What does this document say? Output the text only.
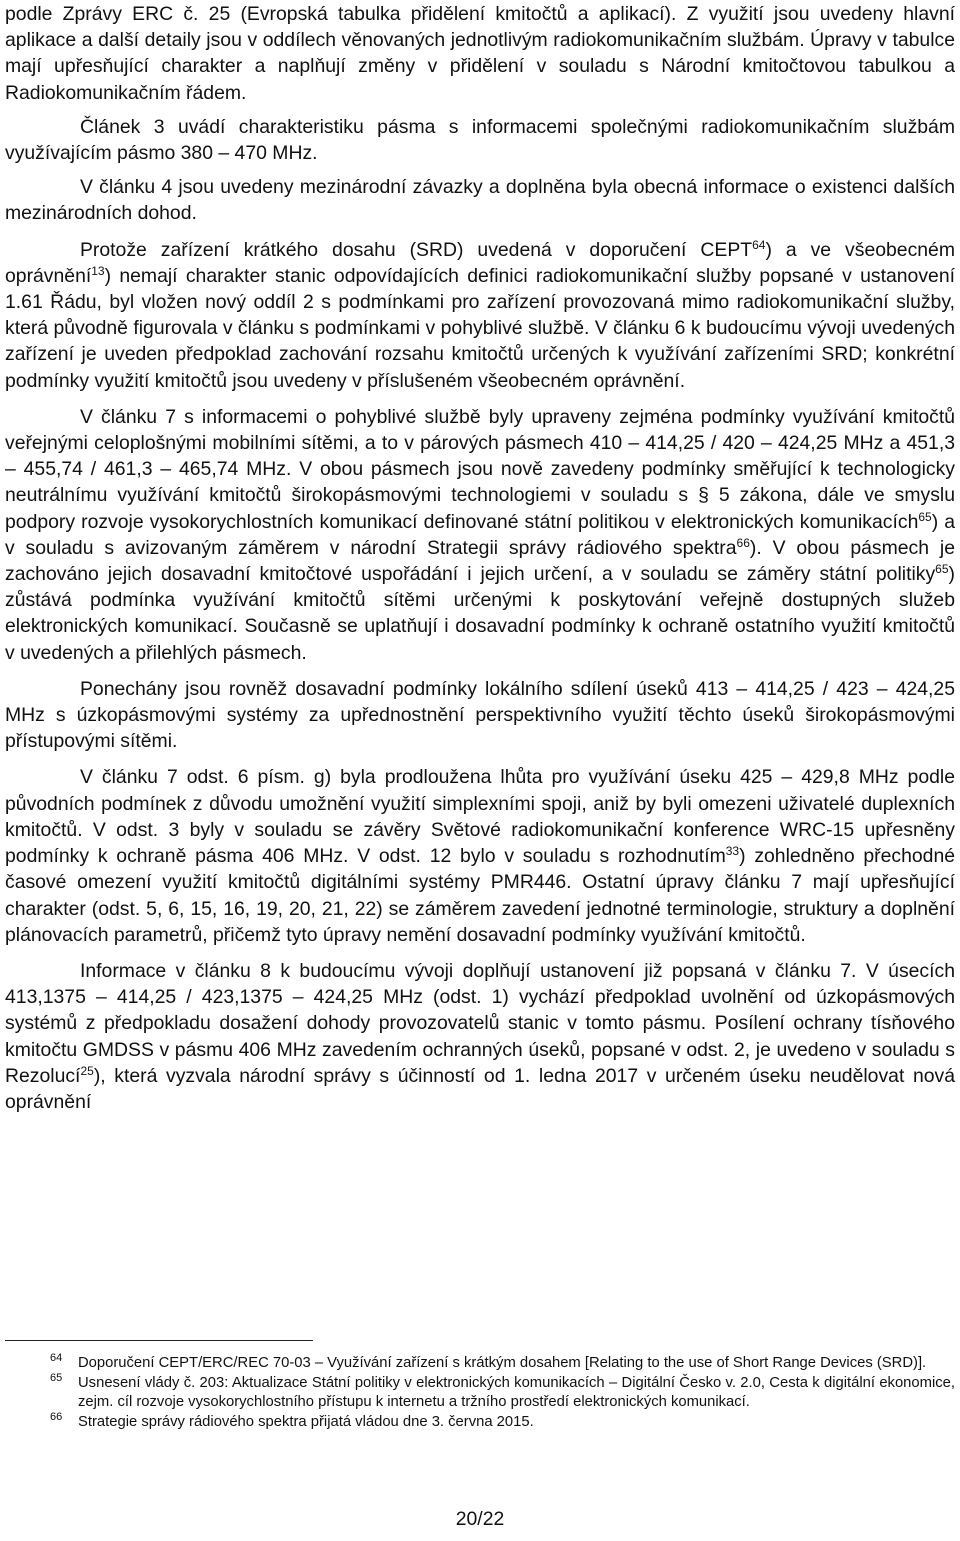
podle Zprávy ERC č. 25 (Evropská tabulka přidělení kmitočtů a aplikací). Z využití jsou uvedeny hlavní aplikace a další detaily jsou v oddílech věnovaných jednotlivým radiokomunikačním službám. Úpravy v tabulce mají upřesňující charakter a naplňují změny v přidělení v souladu s Národní kmitočtovou tabulkou a Radiokomunikačním řádem.

Článek 3 uvádí charakteristiku pásma s informacemi společnými radiokomunikačním službám využívajícím pásmo 380 – 470 MHz.

V článku 4 jsou uvedeny mezinárodní závazky a doplněna byla obecná informace o existenci dalších mezinárodních dohod.

Protože zařízení krátkého dosahu (SRD) uvedená v doporučení CEPT$^{64}$) a ve všeobecném oprávnění$^{13}$) nemají charakter stanic odpovídajících definici radiokomunikační služby popsané v ustanovení 1.61 Řádu, byl vložen nový oddíl 2 s podmínkami pro zařízení provozovaná mimo radiokomunikační služby, která původně figurovala v článku s podmínkami v pohyblivé službě. V článku 6 k budoucímu vývoji uvedených zařízení je uveden předpoklad zachování rozsahu kmitočtů určených k využívání zařízeními SRD; konkrétní podmínky využití kmitočtů jsou uvedeny v příslušeném všeobecném oprávnění.

V článku 7 s informacemi o pohyblivé službě byly upraveny zejména podmínky využívání kmitočtů veřejnými celoplošnými mobilními sítěmi, a to v párových pásmech 410 – 414,25 / 420 – 424,25 MHz a 451,3 – 455,74 / 461,3 – 465,74 MHz. V obou pásmech jsou nově zavedeny podmínky směřující k technologicky neutrálnímu využívání kmitočtů širokopásmovými technologiemi v souladu s § 5 zákona, dále ve smyslu podpory rozvoje vysokorychlostních komunikací definované státní politikou v elektronických komunikacích$^{65}$) a v souladu s avizovaným záměrem v národní Strategii správy rádiového spektra$^{66}$). V obou pásmech je zachováno jejich dosavadní kmitočtové uspořádání i jejich určení, a v souladu se záměry státní politiky$^{65}$) zůstává podmínka využívání kmitočtů sítěmi určenými k poskytování veřejně dostupných služeb elektronických komunikací. Současně se uplatňují i dosavadní podmínky k ochraně ostatního využití kmitočtů v uvedených a přilehlých pásmech.

Ponechány jsou rovněž dosavadní podmínky lokálního sdílení úseků 413 – 414,25 / 423 – 424,25 MHz s úzkopásmovými systémy za upřednostnění perspektivního využití těchto úseků širokopásmovými přístupovými sítěmi.

V článku 7 odst. 6 písm. g) byla prodloužena lhůta pro využívání úseku 425 – 429,8 MHz podle původních podmínek z důvodu umožnění využití simplexními spoji, aniž by byli omezeni uživatelé duplexních kmitočtů. V odst. 3 byly v souladu se závěry Světové radiokomunikační konference WRC-15 upřesněny podmínky k ochraně pásma 406 MHz. V odst. 12 bylo v souladu s rozhodnutím$^{33}$) zohledněno přechodné časové omezení využití kmitočtů digitálními systémy PMR446. Ostatní úpravy článku 7 mají upřesňující charakter (odst. 5, 6, 15, 16, 19, 20, 21, 22) se záměrem zavedení jednotné terminologie, struktury a doplnění plánovacích parametrů, přičemž tyto úpravy nemění dosavadní podmínky využívání kmitočtů.

Informace v článku 8 k budoucímu vývoji doplňují ustanovení již popsaná v článku 7. V úsecích 413,1375 – 414,25 / 423,1375 – 424,25 MHz (odst. 1) vychází předpoklad uvolnění od úzkopásmových systémů z předpokladu dosažení dohody provozovatelů stanic v tomto pásmu. Posílení ochrany tísňového kmitočtu GMDSS v pásmu 406 MHz zavedením ochranných úseků, popsané v odst. 2, je uvedeno v souladu s Rezolucí$^{25}$), která vyzvala národní správy s účinností od 1. ledna 2017 v určeném úseku neudělovat nová oprávnění

64 Doporučení CEPT/ERC/REC 70-03 – Využívání zařízení s krátkým dosahem [Relating to the use of Short Range Devices (SRD)].

65 Usnesení vlády č. 203: Aktualizace Státní politiky v elektronických komunikacích – Digitální Česko v. 2.0, Cesta k digitální ekonomice, zejm. cíl rozvoje vysokorychlostního přístupu k internetu a tržního prostředí elektronických komunikací.

66 Strategie správy rádiového spektra přijatá vládou dne 3. června 2015.

20/22
